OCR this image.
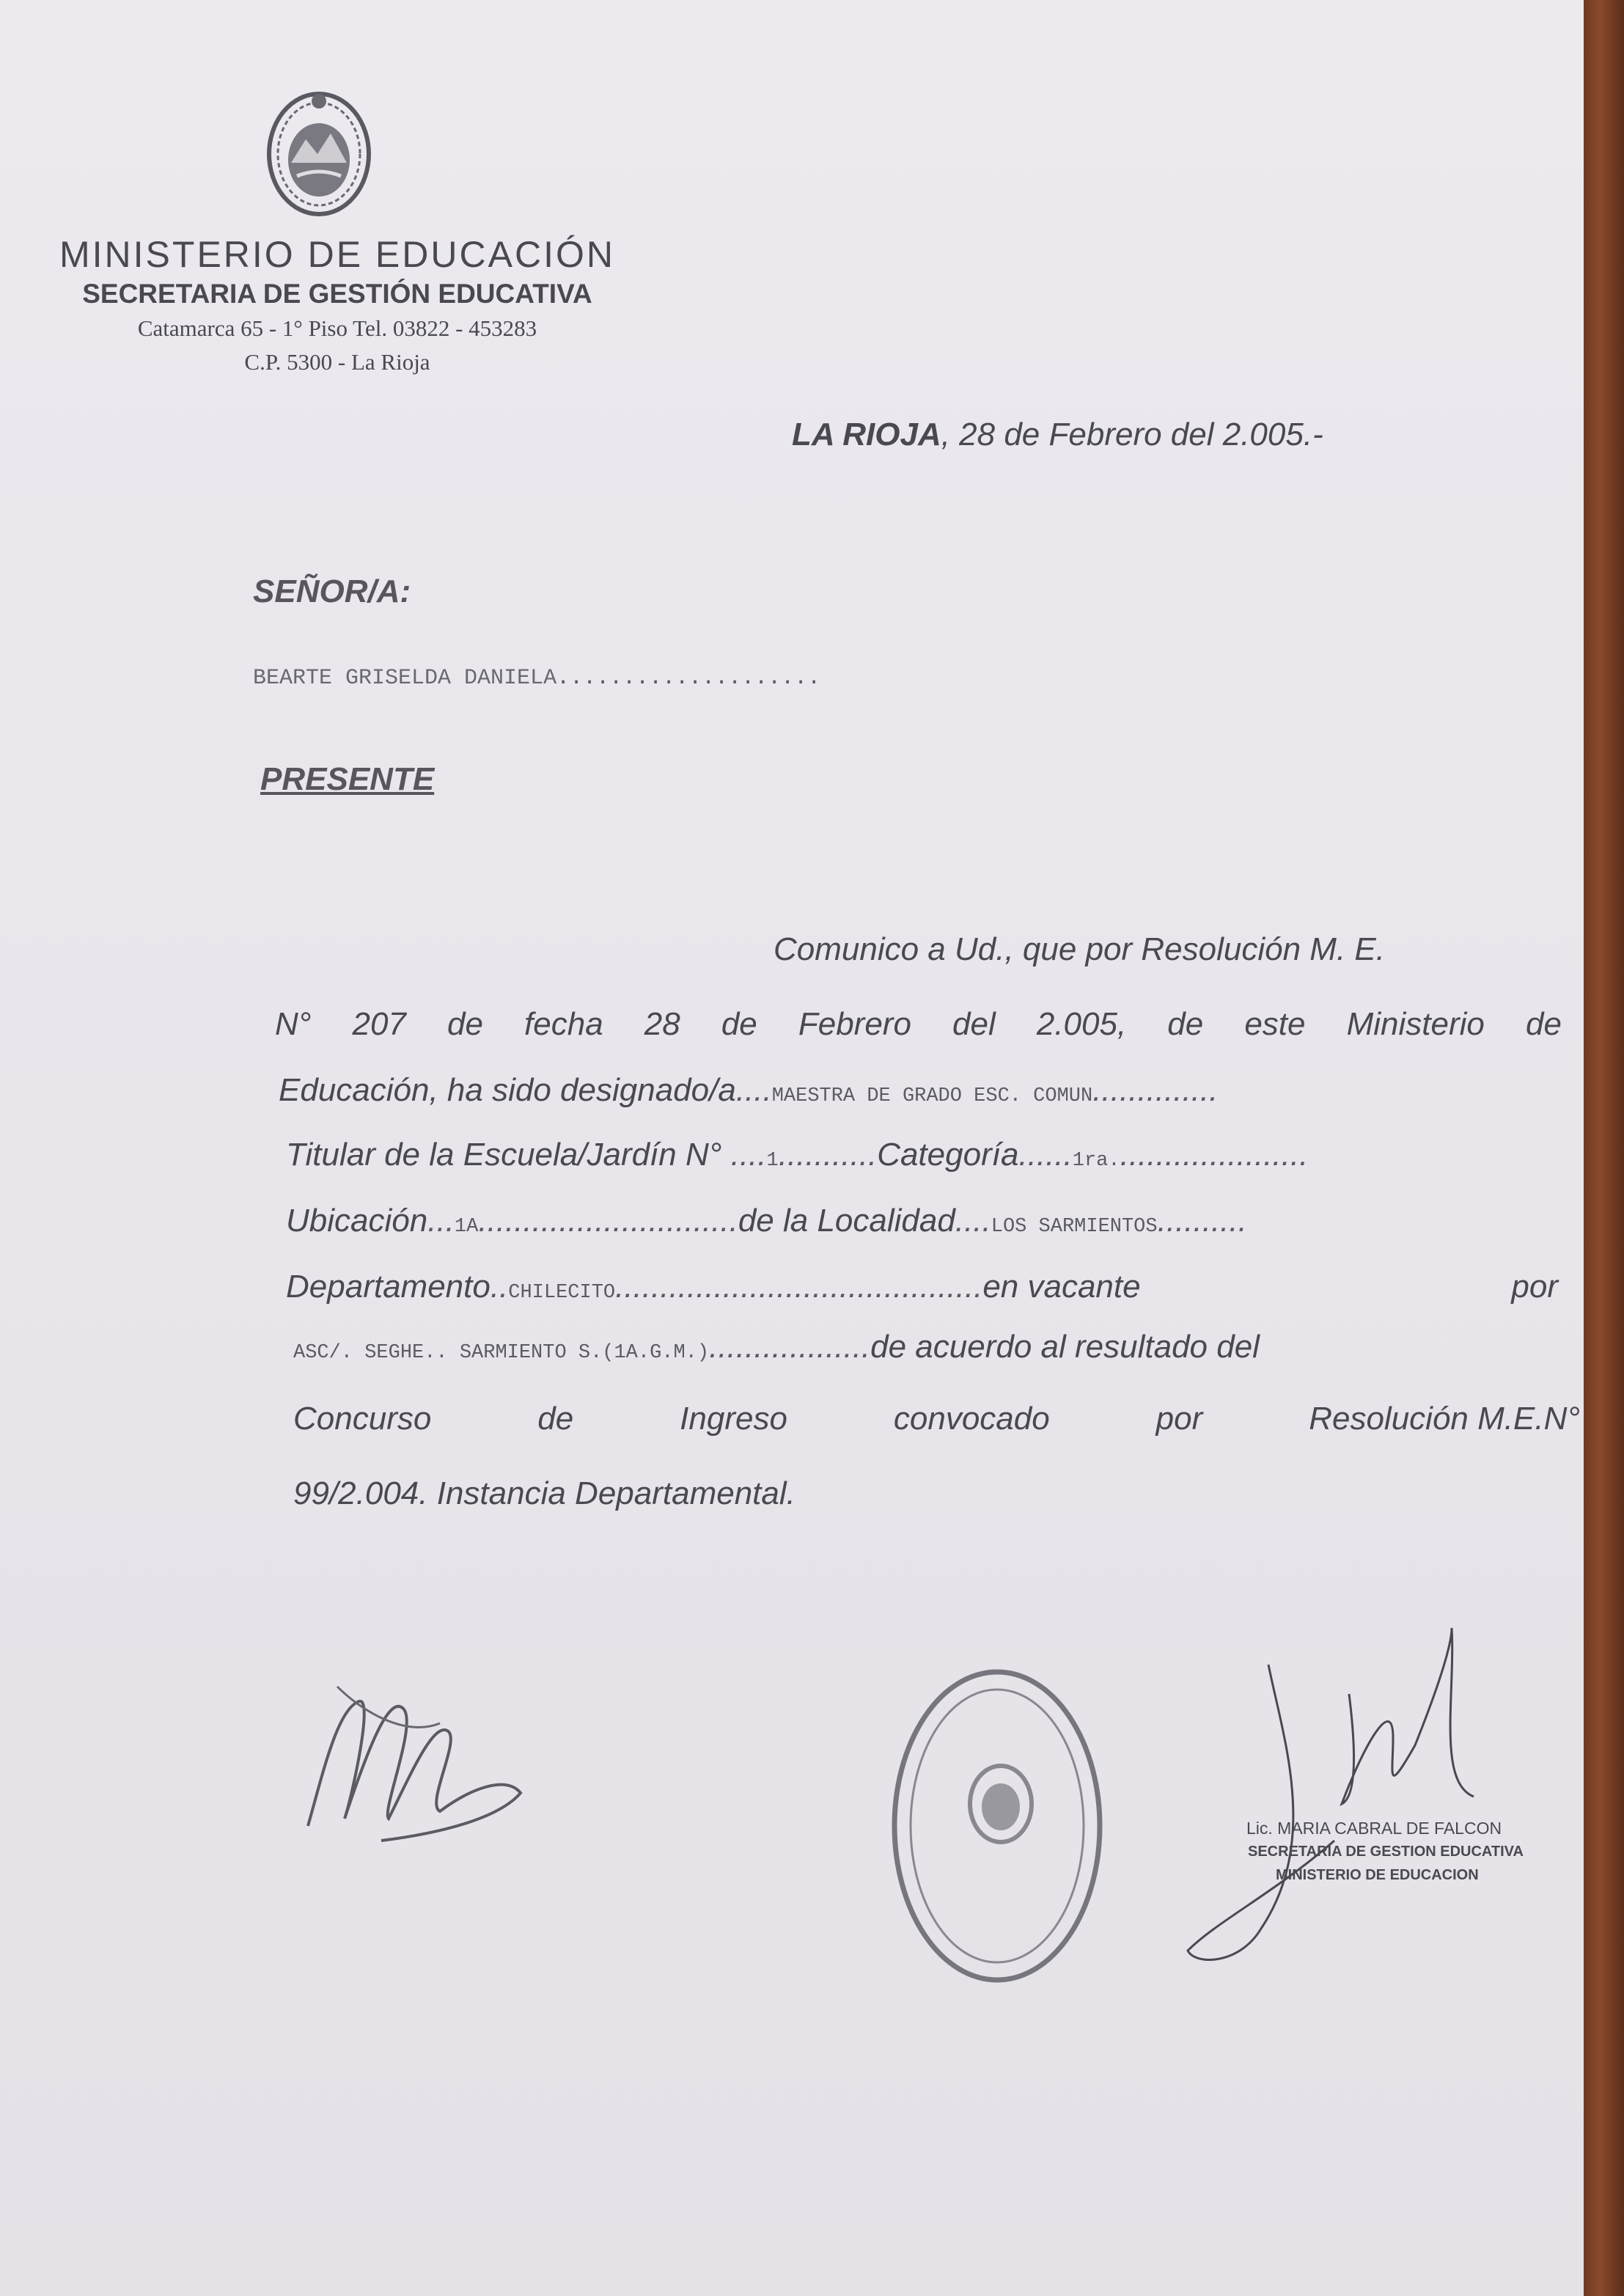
MINISTERIO DE EDUCACIÓN
SECRETARIA DE GESTIÓN EDUCATIVA
Catamarca 65 - 1° Piso Tel. 03822 - 453283
C.P. 5300 - La Rioja
LA RIOJA, 28 de Febrero del 2.005.-
SEÑOR/A:
BEARTE GRISELDA DANIELA....................
PRESENTE
Comunico a Ud., que por Resolución M. E.
N° 207 de fecha 28 de Febrero del 2.005, de este Ministerio de
Educación, ha sido designado/a....MAESTRA DE GRADO ESC. COMUN..............
Titular de la Escuela/Jardín N° ....1...........Categoría......1ra......................
Ubicación...1A.............................de la Localidad....LOS SARMIENTOS..........
Departamento..CHILECITO.........................................en vacante	por
ASC/. SEGHE.. SARMIENTO S.(1A.G.M.)..................de acuerdo al resultado del
Concurso	de	Ingreso	convocado	por	Resolución M.E.N°
99/2.004. Instancia Departamental.
Lic. MARIA CABRAL DE FALCON
SECRETARIA DE GESTION EDUCATIVA
MINISTERIO DE EDUCACION
